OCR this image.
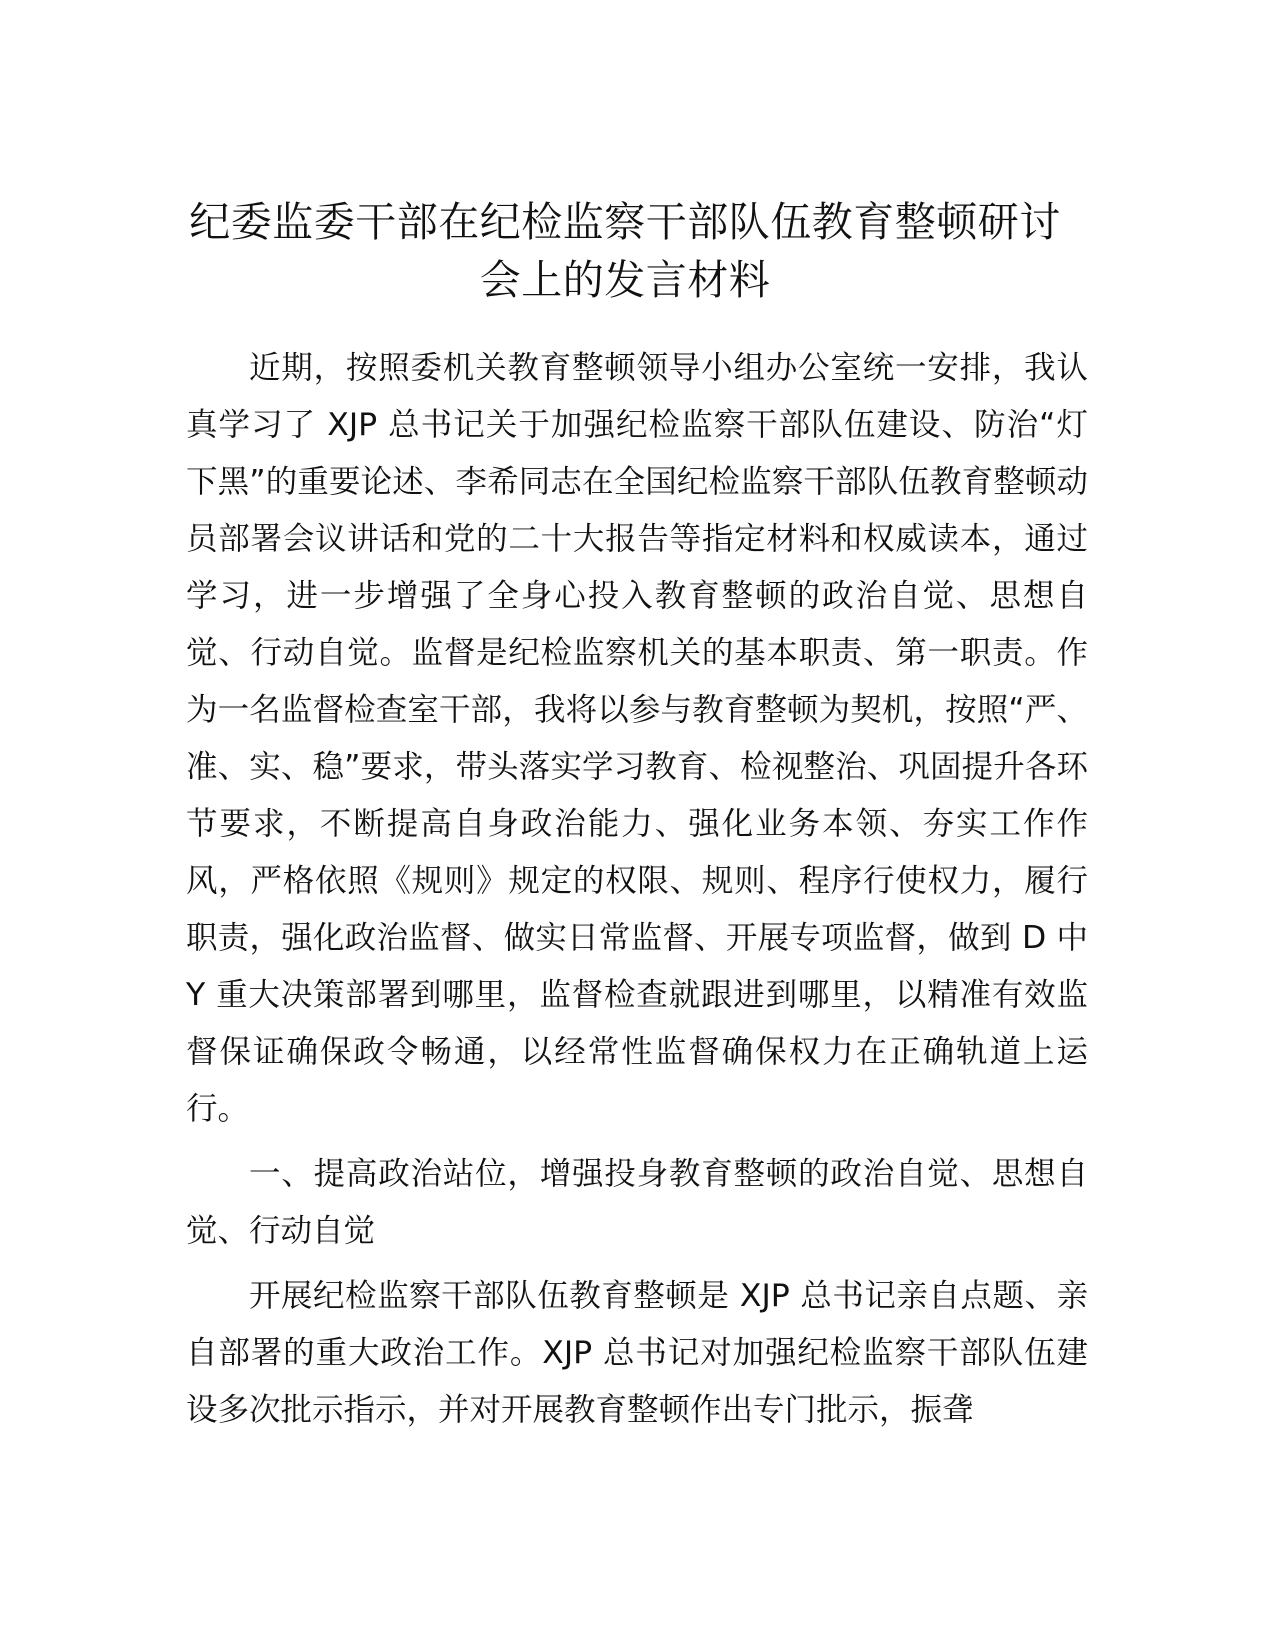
纪委监委干部在纪检监察干部队伍教育整顿研讨会上的发言材料

近期，按照委机关教育整顿领导小组办公室统一安排，我认真学习了 XJP 总书记关于加强纪检监察干部队伍建设、防治“灯下黑”的重要论述、李希同志在全国纪检监察干部队伍教育整顿动员部署会议讲话和党的二十大报告等指定材料和权威读本，通过学习，进一步增强了全身心投入教育整顿的政治自觉、思想自觉、行动自觉。监督是纪检监察机关的基本职责、第一职责。作为一名监督检查室干部，我将以参与教育整顿为契机，按照“严、准、实、稳”要求，带头落实学习教育、检视整治、巩固提升各环节要求，不断提高自身政治能力、强化业务本领、夯实工作作风，严格依照《规则》规定的权限、规则、程序行使权力，履行职责，强化政治监督、做实日常监督、开展专项监督，做到 D 中 Y 重大决策部署到哪里，监督检查就跟进到哪里，以精准有效监督保证确保政令畅通，以经常性监督确保权力在正确轨道上运行。

一、提高政治站位，增强投身教育整顿的政治自觉、思想自觉、行动自觉

开展纪检监察干部队伍教育整顿是 XJP 总书记亲自点题、亲自部署的重大政治工作。XJP 总书记对加强纪检监察干部队伍建设多次批示指示，并对开展教育整顿作出专门批示，振聋
